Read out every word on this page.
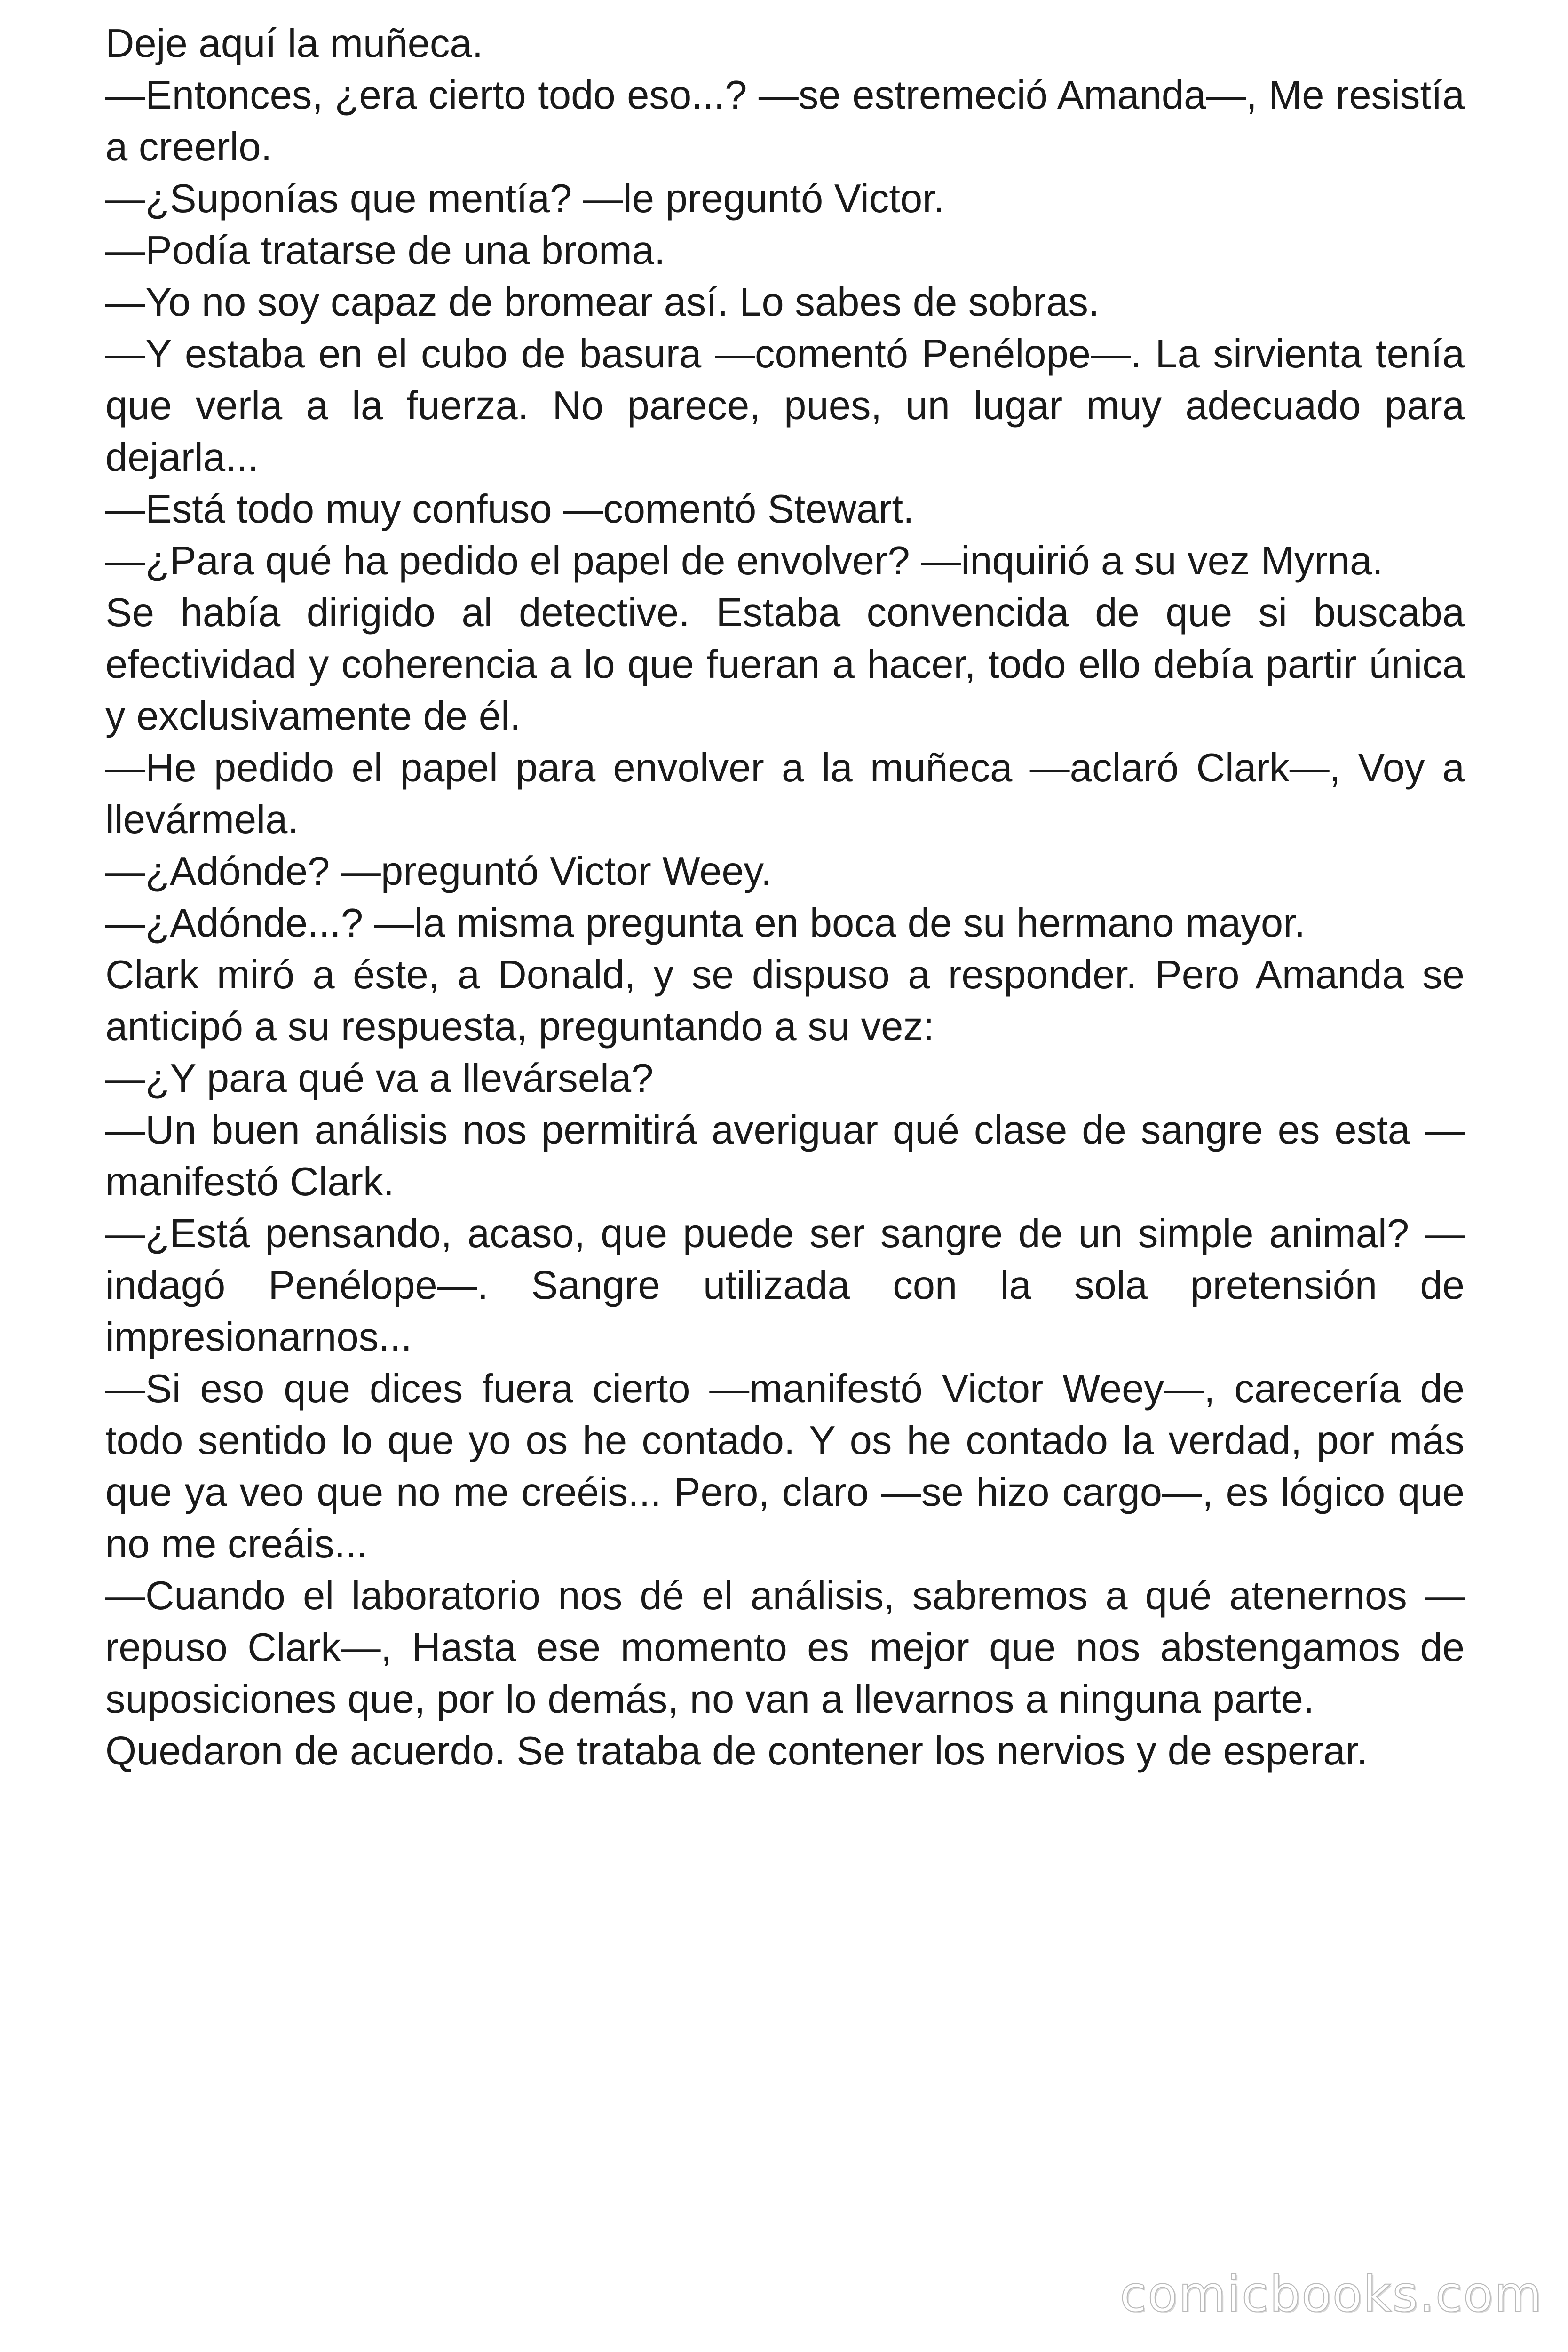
Deje aquí la muñeca.

—Entonces, ¿era cierto todo eso...? —se estremeció Amanda—, Me resistía a creerlo.

—¿Suponías que mentía? —le preguntó Victor.

—Podía tratarse de una broma.

—Yo no soy capaz de bromear así. Lo sabes de sobras.

—Y estaba en el cubo de basura —comentó Penélope—. La sirvienta tenía que verla a la fuerza. No parece, pues, un lugar muy adecuado para dejarla...

—Está todo muy confuso —comentó Stewart.

—¿Para qué ha pedido el papel de envolver? —inquirió a su vez Myrna.

Se había dirigido al detective. Estaba convencida de que si buscaba efectividad y coherencia a lo que fueran a hacer, todo ello debía partir única y exclusivamente de él.

—He pedido el papel para envolver a la muñeca —aclaró Clark—, Voy a llevármela.

—¿Adónde? —preguntó Victor Weey.

—¿Adónde...? —la misma pregunta en boca de su hermano mayor.

Clark miró a éste, a Donald, y se dispuso a responder. Pero Amanda se anticipó a su respuesta, preguntando a su vez:

—¿Y para qué va a llevársela?

—Un buen análisis nos permitirá averiguar qué clase de sangre es esta —manifestó Clark.

—¿Está pensando, acaso, que puede ser sangre de un simple animal? —indagó Penélope—. Sangre utilizada con la sola pretensión de impresionarnos...

—Si eso que dices fuera cierto —manifestó Victor Weey—, carecería de todo sentido lo que yo os he contado. Y os he contado la verdad, por más que ya veo que no me creéis... Pero, claro —se hizo cargo—, es lógico que no me creáis...

—Cuando el laboratorio nos dé el análisis, sabremos a qué atenernos —repuso Clark—, Hasta ese momento es mejor que nos abstengamos de suposiciones que, por lo demás, no van a llevarnos a ninguna parte.

Quedaron de acuerdo. Se trataba de contener los nervios y de esperar.

comicbooks.com
